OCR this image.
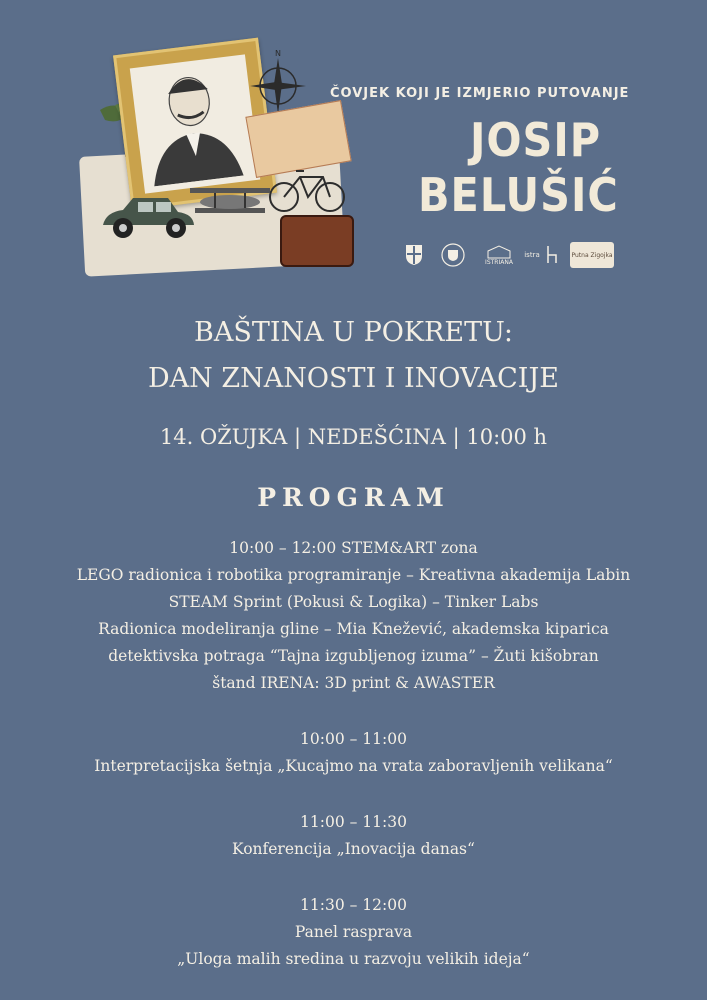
N
ČOVJEK KOJI JE IZMJERIO PUTOVANJE
JOSIP
BELUŠIĆ
ISTRIANA
istra	Putna Zigojka
BAŠTINA U POKRETU:
DAN ZNANOSTI I INOVACIJE
14. OŽUJKA | NEDEŠĆINA | 10:00 h
PROGRAM
10:00 – 12:00 STEM&ART zona
LEGO radionica i robotika programiranje – Kreativna akademija Labin
STEAM Sprint (Pokusi & Logika) – Tinker Labs
Radionica modeliranja gline – Mia Knežević, akademska kiparica
detektivska potraga “Tajna izgubljenog izuma” – Žuti kišobran
štand IRENA: 3D print & AWASTER
10:00 – 11:00
Interpretacijska šetnja „Kucajmo na vrata zaboravljenih velikana“
11:00 – 11:30
Konferencija „Inovacija danas“
11:30 – 12:00
Panel rasprava
„Uloga malih sredina u razvoju velikih ideja“
